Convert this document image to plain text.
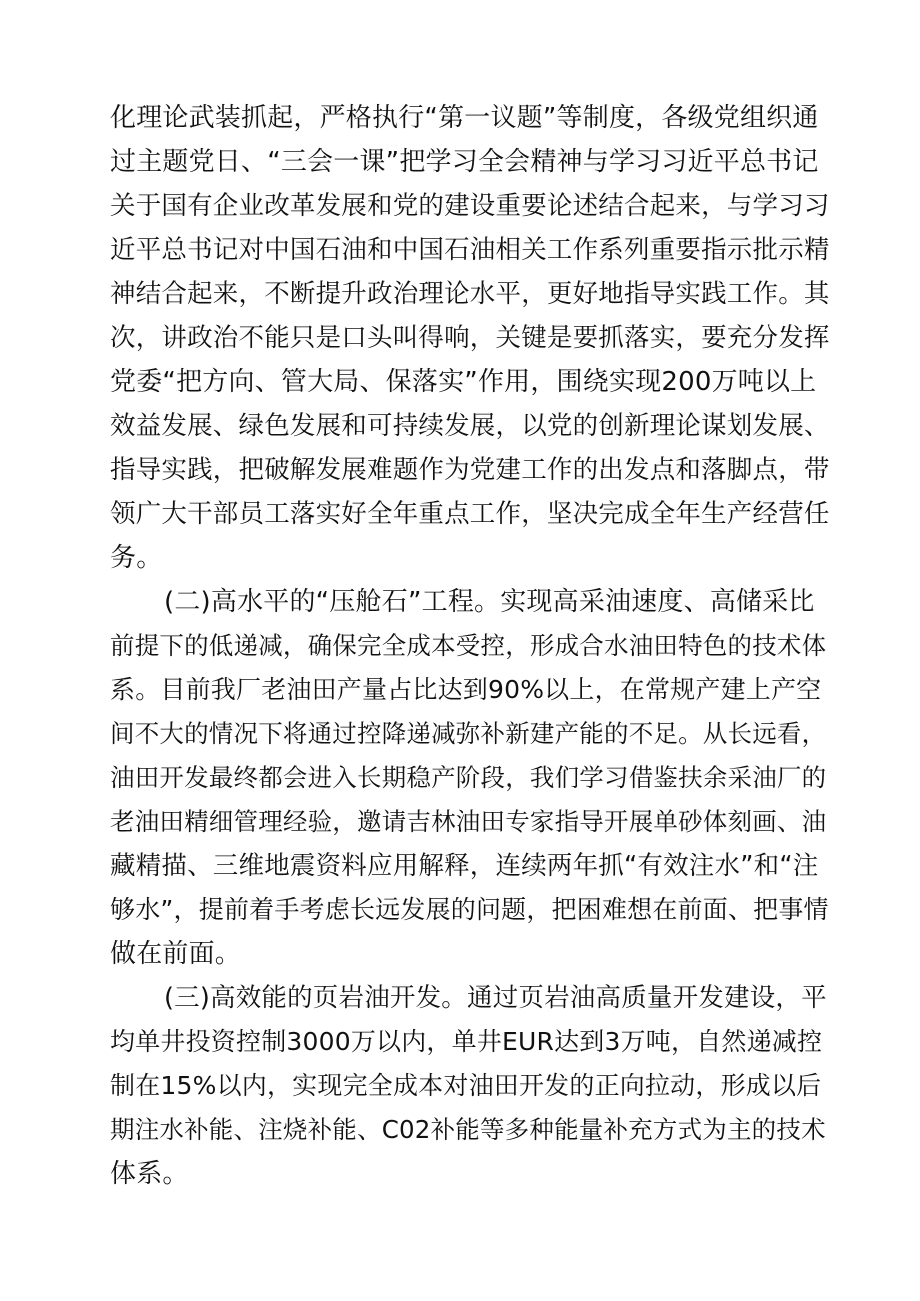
化理论武装抓起，严格执行“第一议题”等制度，各级党组织通
过主题党日、“三会一课”把学习全会精神与学习习近平总书记
关于国有企业改革发展和党的建设重要论述结合起来，与学习习
近平总书记对中国石油和中国石油相关工作系列重要指示批示精
神结合起来，不断提升政治理论水平，更好地指导实践工作。其
次，讲政治不能只是口头叫得响，关键是要抓落实，要充分发挥
党委“把方向、管大局、保落实”作用，围绕实现200万吨以上
效益发展、绿色发展和可持续发展，以党的创新理论谋划发展、
指导实践，把破解发展难题作为党建工作的出发点和落脚点，带
领广大干部员工落实好全年重点工作，坚决完成全年生产经营任
务。
(二)高水平的“压舱石”工程。实现高采油速度、高储采比
前提下的低递减，确保完全成本受控，形成合水油田特色的技术体
系。目前我厂老油田产量占比达到90%以上，在常规产建上产空
间不大的情况下将通过控降递减弥补新建产能的不足。从长远看，
油田开发最终都会进入长期稳产阶段，我们学习借鉴扶余采油厂的
老油田精细管理经验，邀请吉林油田专家指导开展单砂体刻画、油
藏精描、三维地震资料应用解释，连续两年抓“有效注水”和“注
够水”，提前着手考虑长远发展的问题，把困难想在前面、把事情
做在前面。
(三)高效能的页岩油开发。通过页岩油高质量开发建设，平
均单井投资控制3000万以内，单井EUR达到3万吨，自然递减控
制在15%以内，实现完全成本对油田开发的正向拉动，形成以后
期注水补能、注烧补能、C02补能等多种能量补充方式为主的技术
体系。
